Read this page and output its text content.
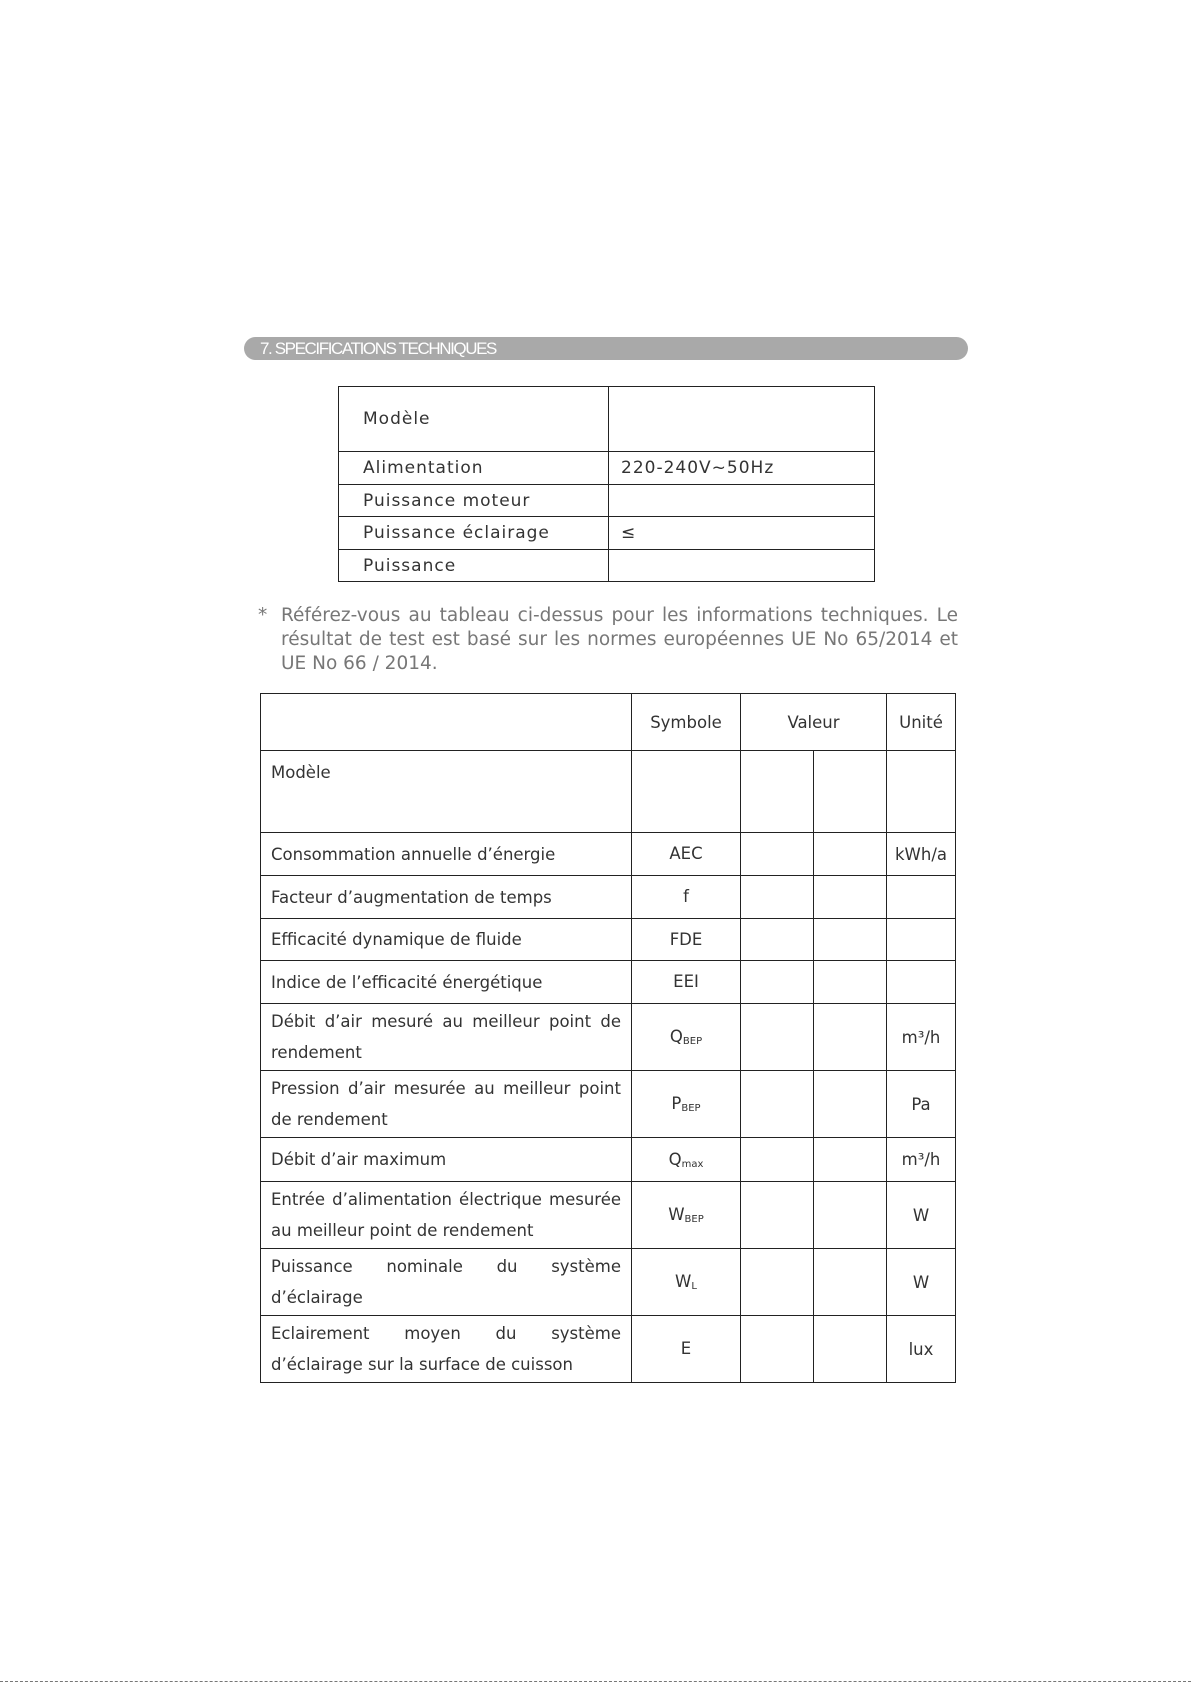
7. SPECIFICATIONS TECHNIQUES
Modèle	
Alimentation	220-240V~50Hz
Puissance moteur	
Puissance éclairage	≤
Puissance	
* Référez-vous au tableau ci-dessus pour les informations techniques. Le résultat de test est basé sur les normes européennes UE No 65/2014 et UE No 66 / 2014.
	Symbole	Valeur		Unité
Modèle				
Consommation annuelle d’énergie	AEC			kWh/a
Facteur d’augmentation de temps	f			
Efficacité dynamique de fluide	FDE			
Indice de l’efficacité énergétique	EEI			
Débit d’air mesuré au meilleur point de rendement	$Q_{BEP}$			m³/h
Pression d’air mesurée au meilleur point de rendement	$P_{BEP}$			Pa
Débit d’air maximum	$Q_{max}$			m³/h
Entrée d’alimentation électrique mesurée au meilleur point de rendement	$W_{BEP}$			W
Puissance nominale du système d’éclairage	$W_L$			W
Eclairement moyen du système d’éclairage sur la surface de cuisson	E			lux
